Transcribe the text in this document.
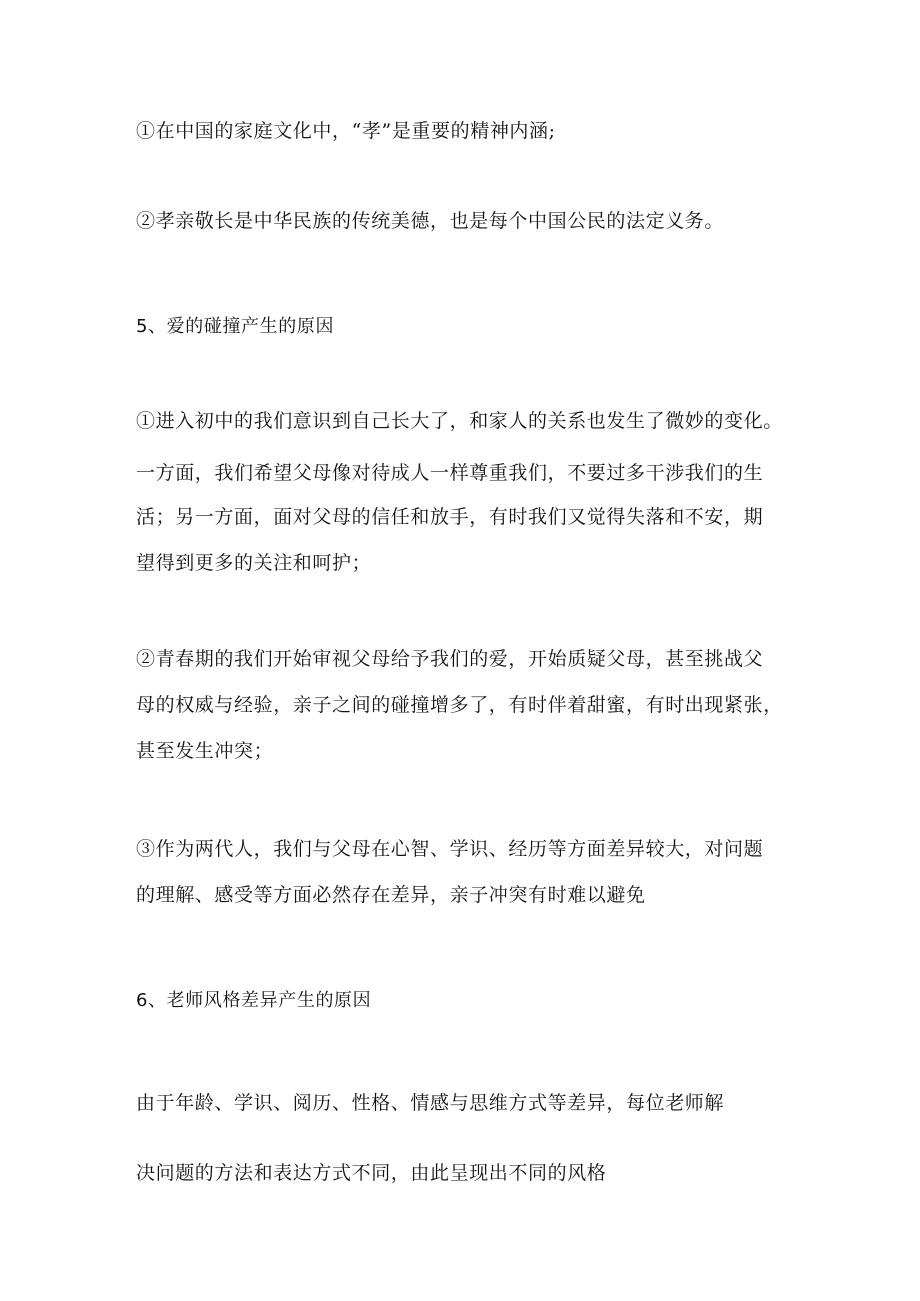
①在中国的家庭文化中，“孝”是重要的精神内涵;
②孝亲敬长是中华民族的传统美德，也是每个中国公民的法定义务。
5、爱的碰撞产生的原因
①进入初中的我们意识到自己长大了，和家人的关系也发生了微妙的变化。
一方面，我们希望父母像对待成人一样尊重我们，不要过多干涉我们的生
活；另一方面，面对父母的信任和放手，有时我们又觉得失落和不安，期
望得到更多的关注和呵护；
②青春期的我们开始审视父母给予我们的爱，开始质疑父母，甚至挑战父
母的权威与经验，亲子之间的碰撞增多了，有时伴着甜蜜，有时出现紧张，
甚至发生冲突；
③作为两代人，我们与父母在心智、学识、经历等方面差异较大，对问题
的理解、感受等方面必然存在差异，亲子冲突有时难以避免
6、老师风格差异产生的原因
由于年龄、学识、阅历、性格、情感与思维方式等差异，每位老师解
决问题的方法和表达方式不同，由此呈现出不同的风格
